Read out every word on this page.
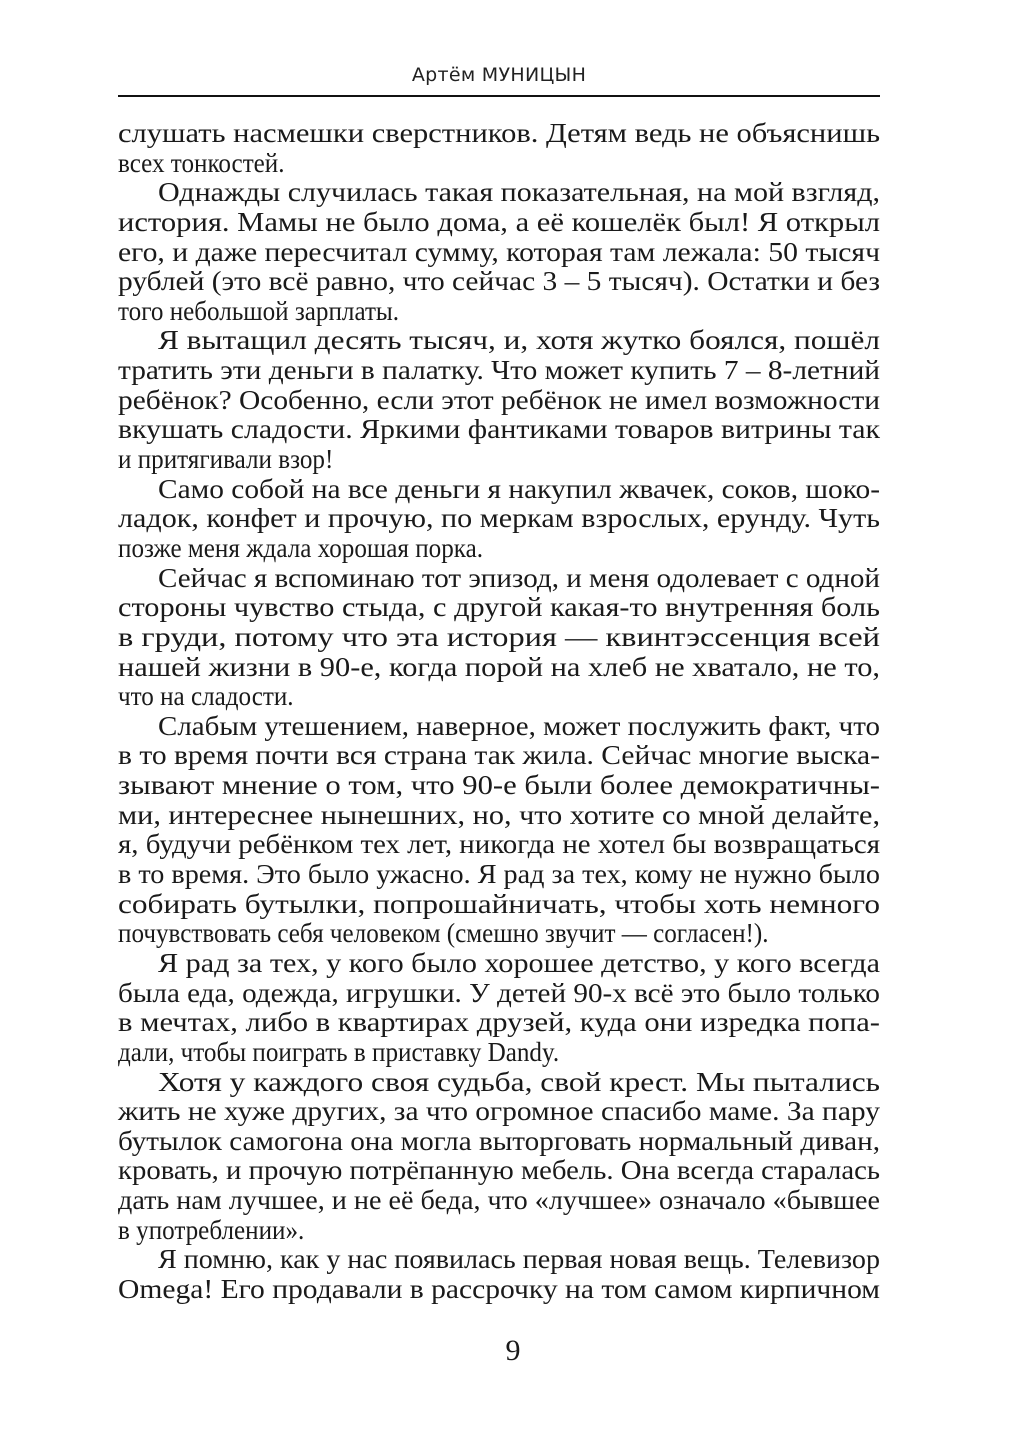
Артём МУНИЦЫН
слушать насмешки сверстников. Детям ведь не объяснишь
всех тонкостей.
Однажды случилась такая показательная, на мой взгляд,
история. Мамы не было дома, а её кошелёк был! Я открыл
его, и даже пересчитал сумму, которая там лежала: 50 тысяч
рублей (это всё равно, что сейчас 3 – 5 тысяч). Остатки и без
того небольшой зарплаты.
Я вытащил десять тысяч, и, хотя жутко боялся, пошёл
тратить эти деньги в палатку. Что может купить 7 – 8-летний
ребёнок? Особенно, если этот ребёнок не имел возможности
вкушать сладости. Яркими фантиками товаров витрины так
и притягивали взор!
Само собой на все деньги я накупил жвачек, соков, шоко-
ладок, конфет и прочую, по меркам взрослых, ерунду. Чуть
позже меня ждала хорошая порка.
Сейчас я вспоминаю тот эпизод, и меня одолевает с одной
стороны чувство стыда, с другой какая-то внутренняя боль
в груди, потому что эта история — квинтэссенция всей
нашей жизни в 90-е, когда порой на хлеб не хватало, не то,
что на сладости.
Слабым утешением, наверное, может послужить факт, что
в то время почти вся страна так жила. Сейчас многие выска-
зывают мнение о том, что 90-е были более демократичны-
ми, интереснее нынешних, но, что хотите со мной делайте,
я, будучи ребёнком тех лет, никогда не хотел бы возвращаться
в то время. Это было ужасно. Я рад за тех, кому не нужно было
собирать бутылки, попрошайничать, чтобы хоть немного
почувствовать себя человеком (смешно звучит — согласен!).
Я рад за тех, у кого было хорошее детство, у кого всегда
была еда, одежда, игрушки. У детей 90-х всё это было только
в мечтах, либо в квартирах друзей, куда они изредка попа-
дали, чтобы поиграть в приставку Dandy.
Хотя у каждого своя судьба, свой крест. Мы пытались
жить не хуже других, за что огромное спасибо маме. За пару
бутылок самогона она могла выторговать нормальный диван,
кровать, и прочую потрёпанную мебель. Она всегда старалась
дать нам лучшее, и не её беда, что «лучшее» означало «бывшее
в употреблении».
Я помню, как у нас появилась первая новая вещь. Телевизор
Omega! Его продавали в рассрочку на том самом кирпичном
9
